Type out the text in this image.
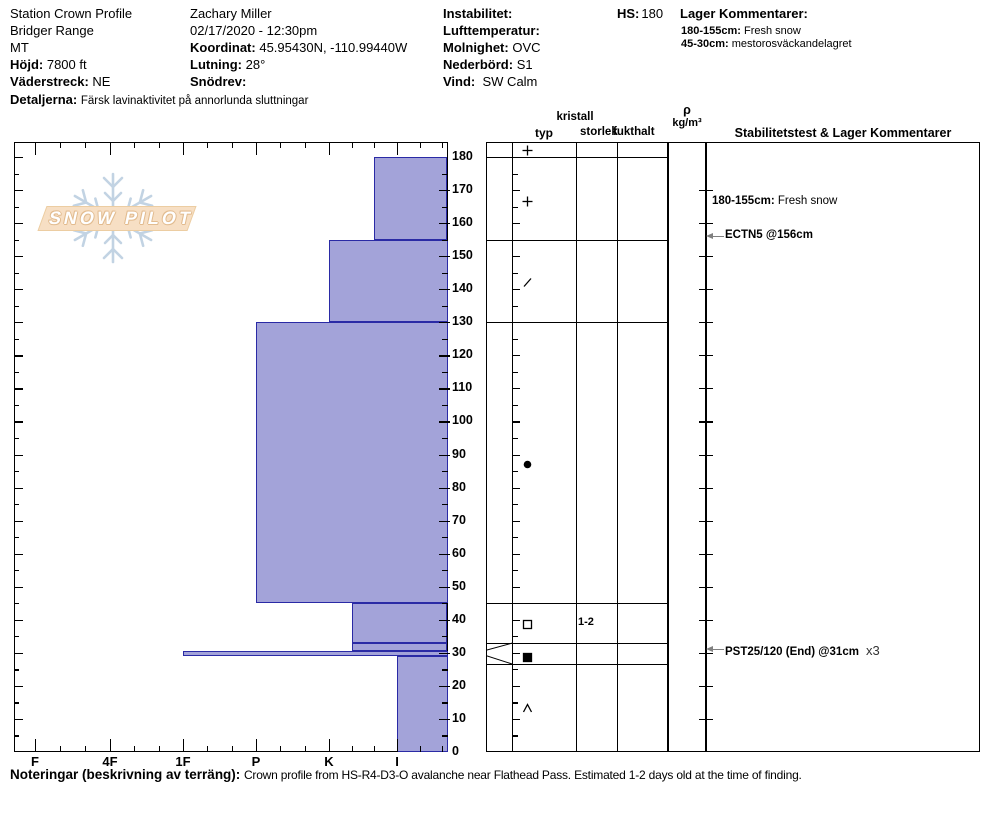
Station Crown Profile
Bridger Range
MT
Höjd: 7800 ft
Väderstreck: NE
Detaljerna: Färsk lavinaktivitet på annorlunda sluttningar
Zachary Miller
02/17/2020 - 12:30pm
Koordinat: 45.95430N, -110.99440W
Lutning: 28°
Snödrev:
Instabilitet:
Lufttemperatur:
Molnighet: OVC
Nederbörd: S1
Vind: SW Calm
HS: 180 Lager Kommentarer:
180-155cm: Fresh snow
45-30cm: mestorosväckandelagret
SNOW PILOT
typ
kristall
storlek
fukthalt
ρ
kg/m³
Stabilitetstest & Lager Kommentarer
0
10
20
30
40
50
60
70
80
90
100
110
120
130
140
150
160
170
180
I
K
P
1F
4F
F
1-2
180-155cm: Fresh snow
ECTN5 @156cm
PST25/120 (End) @31cm x3
Noteringar (beskrivning av terräng): Crown profile from HS-R4-D3-O avalanche near Flathead Pass. Estimated 1-2 days old at the time of finding.
